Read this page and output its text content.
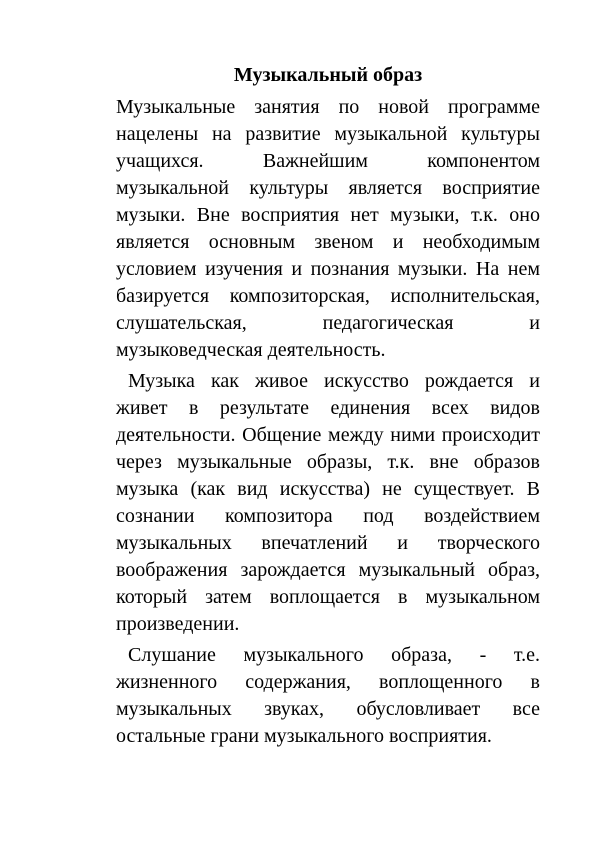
Музыкальный образ

Музыкальные занятия по новой программе нацелены на развитие музыкальной культуры учащихся. Важнейшим компонентом музыкальной культуры является восприятие музыки. Вне восприятия нет музыки, т.к. оно является основным звеном и необходимым условием изучения и познания музыки. На нем базируется композиторская, исполнительская, слушательская, педагогическая и музыковедческая деятельность.

Музыка как живое искусство рождается и живет в результате единения всех видов деятельности. Общение между ними происходит через музыкальные образы, т.к. вне образов музыка (как вид искусства) не существует. В сознании композитора под воздействием музыкальных впечатлений и творческого воображения зарождается музыкальный образ, который затем воплощается в музыкальном произведении.

Слушание музыкального образа, - т.е. жизненного содержания, воплощенного в музыкальных звуках, обусловливает все остальные грани музыкального восприятия.
